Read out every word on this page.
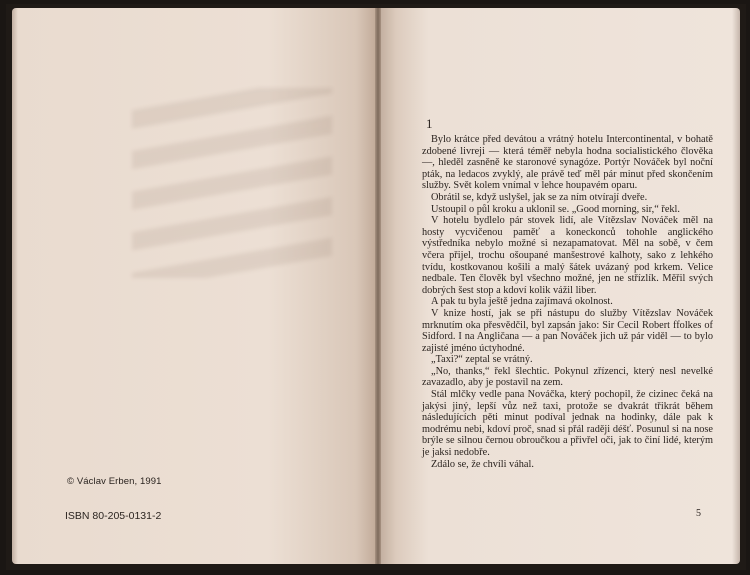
© Václav Erben, 1991
ISBN 80-205-0131-2
1

Bylo krátce před devátou a vrátný hotelu Intercontinental, v bohatě zdobené livreji — která téměř nebyla hodna socialistického člověka —, hleděl zasněně ke staronové synagóze. Portýr Nováček byl noční pták, na ledacos zvyklý, ale právě teď měl pár minut před skončením služby. Svět kolem vnímal v lehce houpavém oparu.

Obrátil se, když uslyšel, jak se za ním otvírají dveře.

Ustoupil o půl kroku a uklonil se. „Good morning, sir,“ řekl.

V hotelu bydlelo pár stovek lidí, ale Vítězslav Nováček měl na hosty vycvičenou paměť a koneckonců tohohle anglického výstředníka nebylo možné si nezapamatovat. Měl na sobě, v čem včera přijel, trochu ošoupané manšestrové kalhoty, sako z lehkého tvídu, kostkovanou košili a malý šátek uvázaný pod krkem. Velice nedbale. Ten člověk byl všechno možné, jen ne střízlík. Měřil svých dobrých šest stop a kdoví kolik vážil liber.

A pak tu byla ještě jedna zajímavá okolnost.

V knize hostí, jak se při nástupu do služby Vítězslav Nováček mrknutím oka přesvědčil, byl zapsán jako: Sir Cecil Robert ffolkes of Sidford. I na Angličana — a pan Nováček jich už pár viděl — to bylo zajisté jméno úctyhodné.

„Taxi?“ zeptal se vrátný.

„No, thanks,“ řekl šlechtic. Pokynul zřízenci, který nesl nevelké zavazadlo, aby je postavil na zem.

Stál mlčky vedle pana Nováčka, který pochopil, že cizinec čeká na jakýsi jiný, lepší vůz než taxi, protože se dvakrát třikrát během následujících pěti minut podíval jednak na hodinky, dále pak k modrému nebi, kdoví proč, snad si přál raději déšť. Posunul si na nose brýle se silnou černou obroučkou a přivřel oči, jak to činí lidé, kterým je jaksi nedobře.

Zdálo se, že chvíli váhal.

5
